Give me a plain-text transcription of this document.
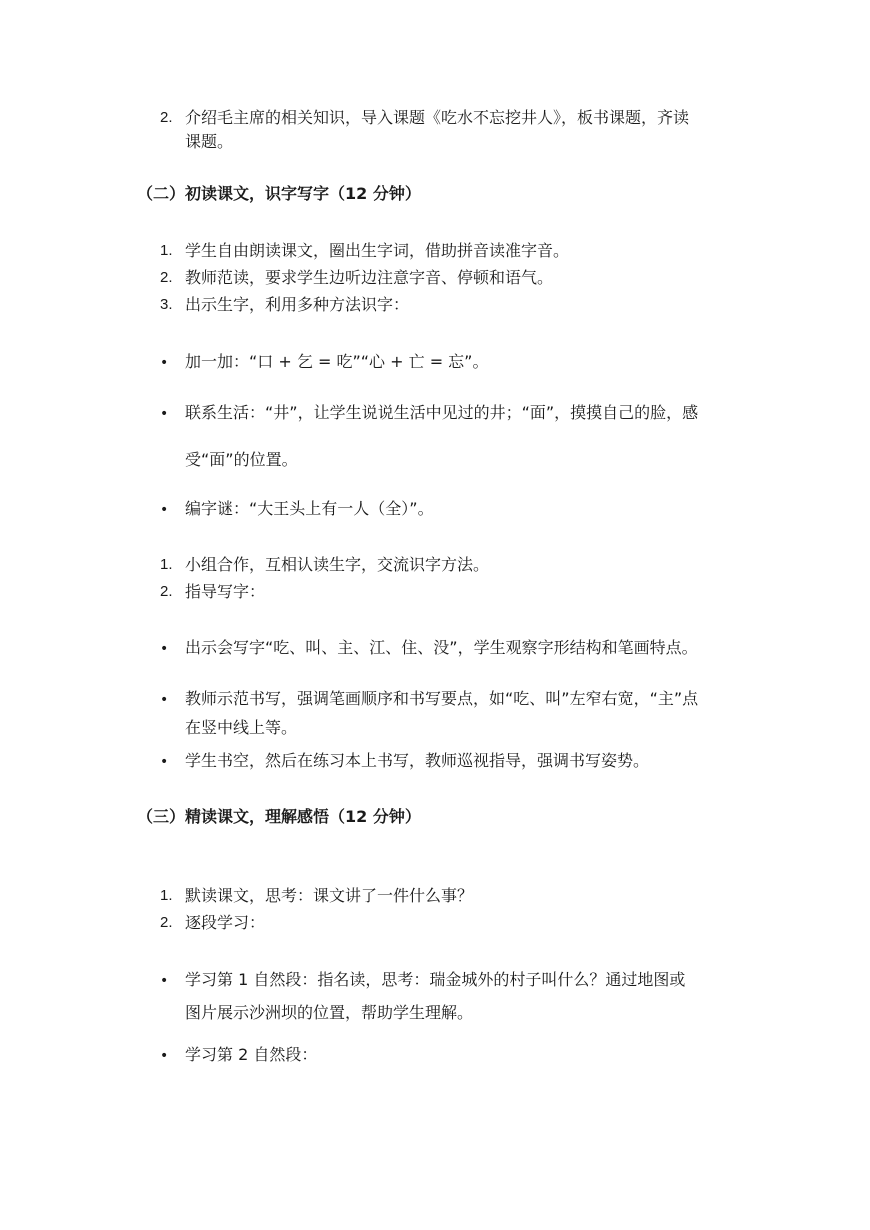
2. 介绍毛主席的相关知识，导入课题《吃水不忘挖井人》，板书课题，齐读
课题。
（二）初读课文，识字写字（12 分钟）
1. 学生自由朗读课文，圈出生字词，借助拼音读准字音。
2. 教师范读，要求学生边听边注意字音、停顿和语气。
3. 出示生字，利用多种方法识字：
• 加一加：“口 + 乞 = 吃”“心 + 亡 = 忘”。
• 联系生活：“井”，让学生说说生活中见过的井；“面”，摸摸自己的脸，感
受“面”的位置。
• 编字谜：“大王头上有一人（全）”。
1. 小组合作，互相认读生字，交流识字方法。
2. 指导写字：
• 出示会写字“吃、叫、主、江、住、没”，学生观察字形结构和笔画特点。
• 教师示范书写，强调笔画顺序和书写要点，如“吃、叫”左窄右宽，“主”点
在竖中线上等。
• 学生书空，然后在练习本上书写，教师巡视指导，强调书写姿势。
（三）精读课文，理解感悟（12 分钟）
1. 默读课文，思考：课文讲了一件什么事？
2. 逐段学习：
• 学习第 1 自然段：指名读，思考：瑞金城外的村子叫什么？通过地图或
图片展示沙洲坝的位置，帮助学生理解。
• 学习第 2 自然段：
